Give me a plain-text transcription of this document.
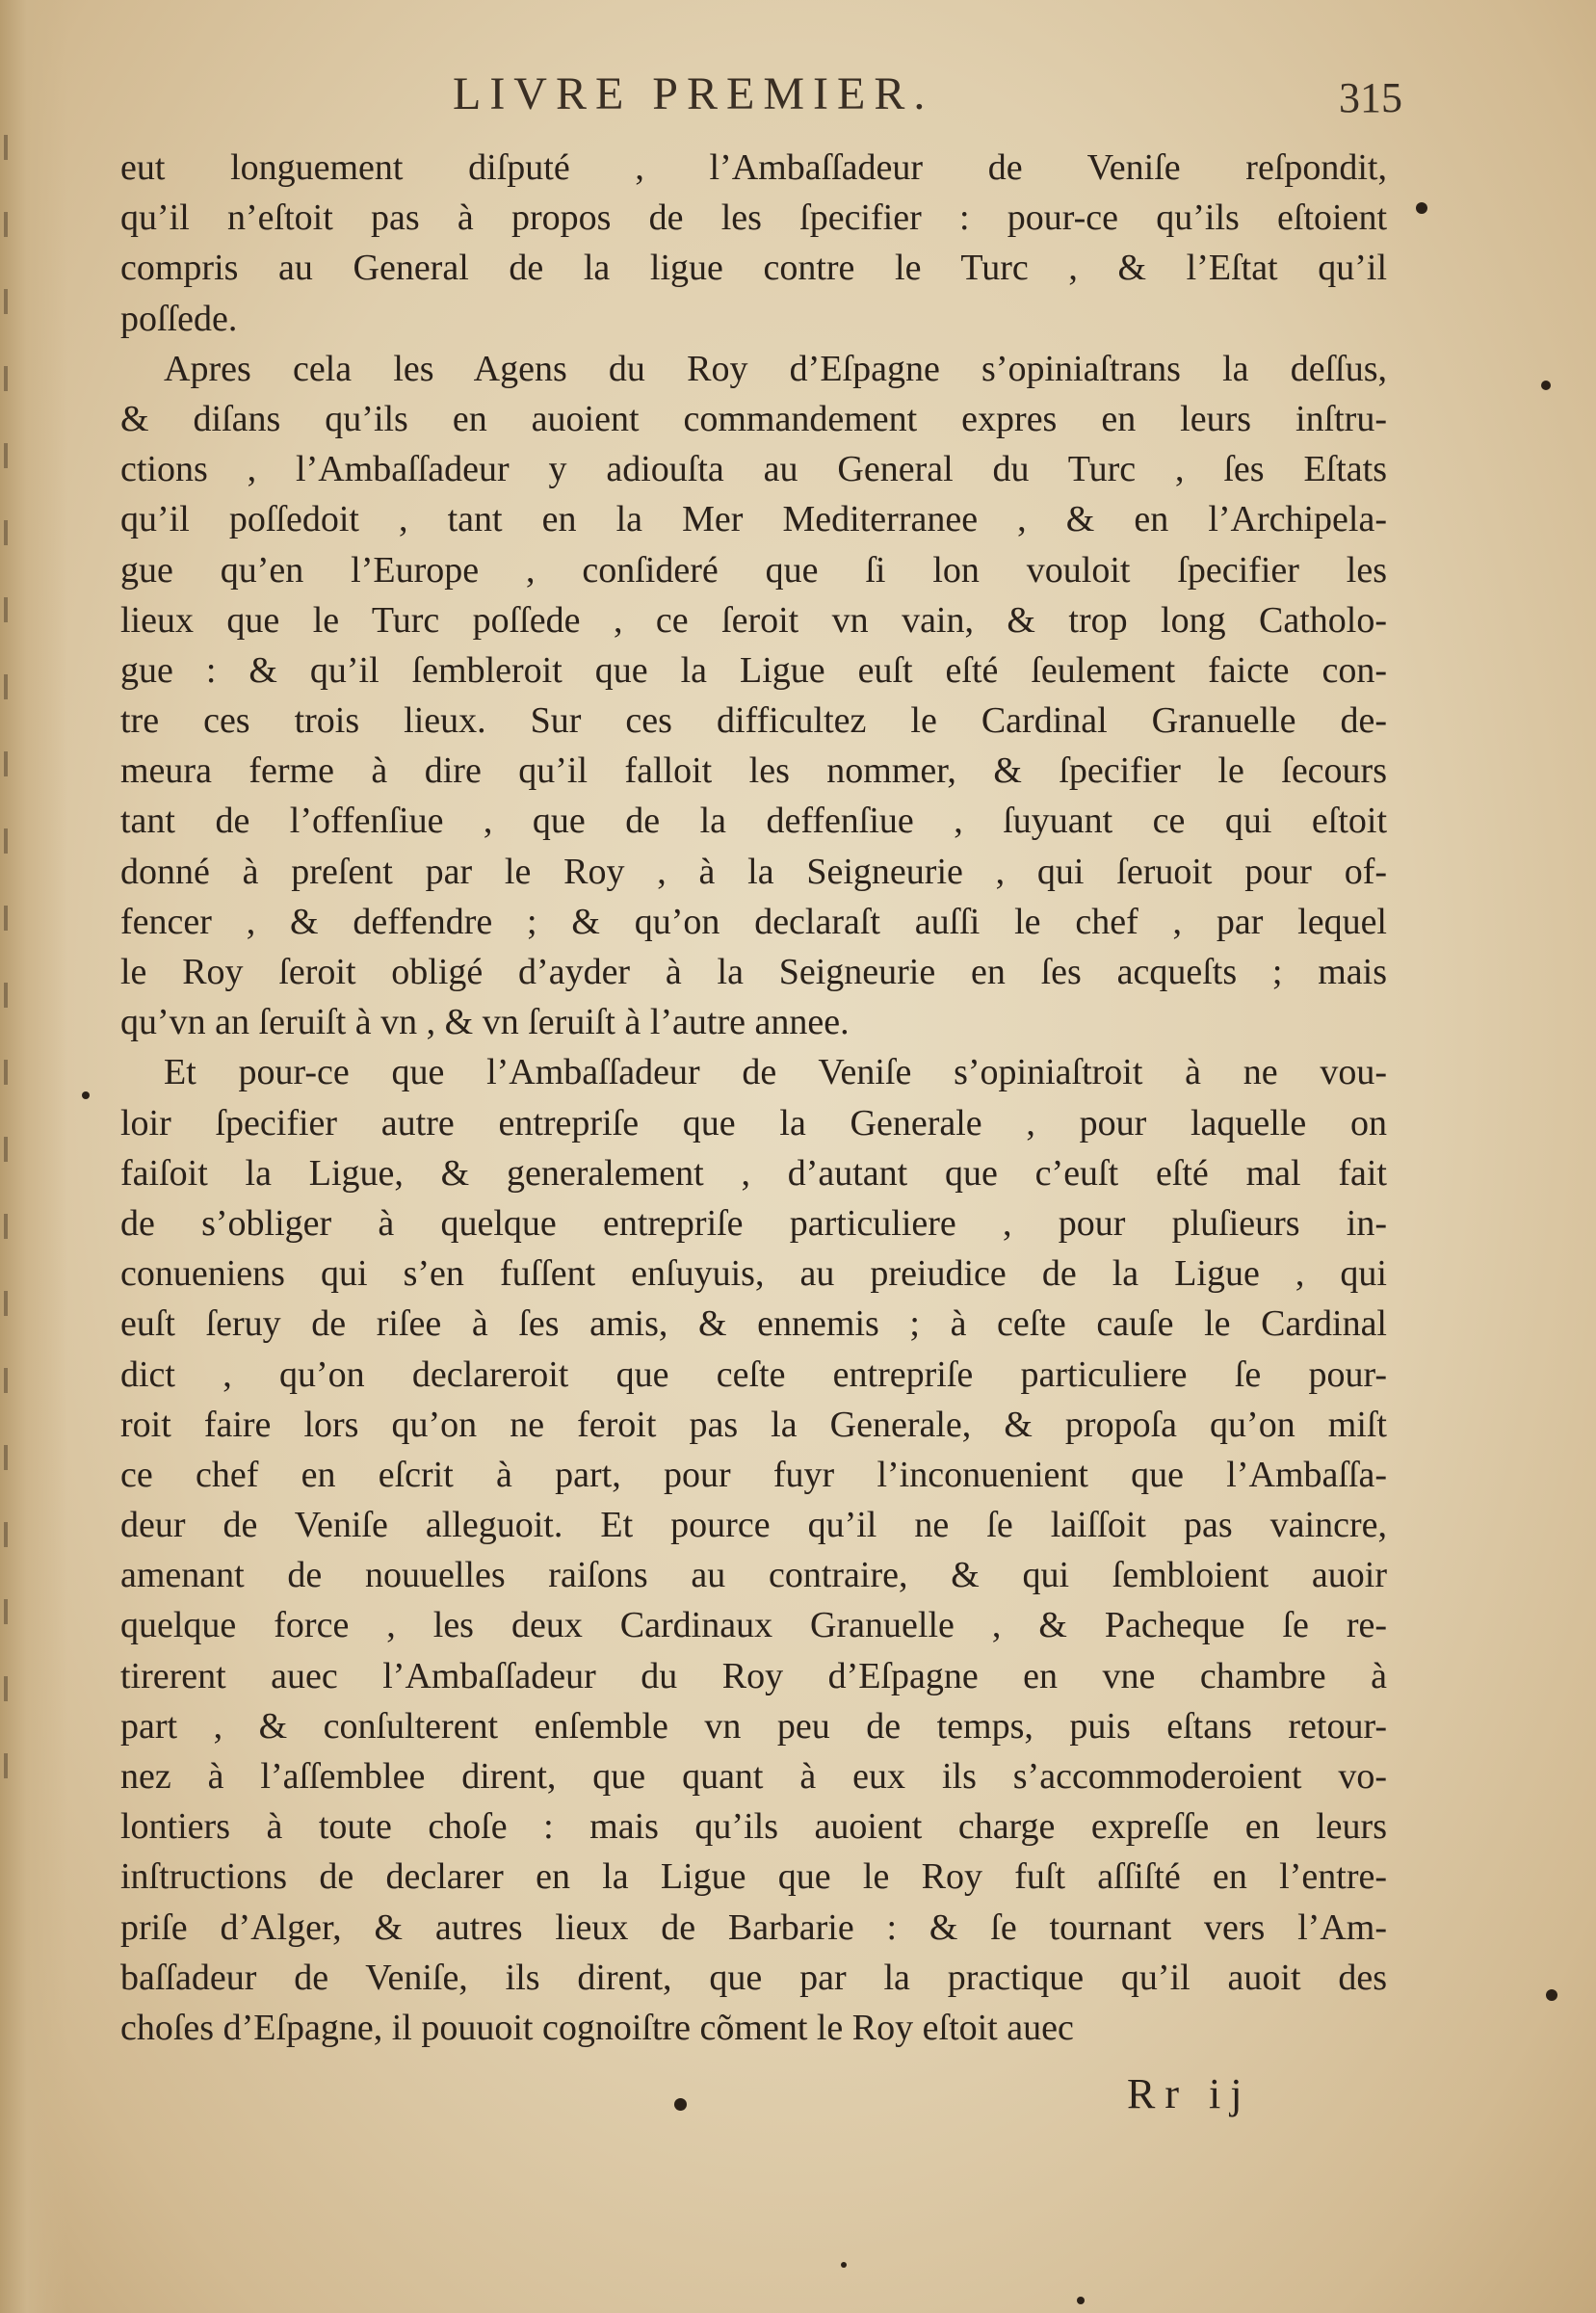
LIVRE PREMIER.	315
eut longuement diſputé , l’Ambaſſadeur de Veniſe reſpondit,
qu’il n’eſtoit pas à propos de les ſpecifier : pour-ce qu’ils eſtoient
compris au General de la ligue contre le Turc , & l’Eſtat qu’il
poſſede.
Apres cela les Agens du Roy d’Eſpagne s’opiniaſtrans la deſſus,
& diſans qu’ils en auoient commandement expres en leurs inſtru-
ctions , l’Ambaſſadeur y adiouſta au General du Turc , ſes Eſtats
qu’il poſſedoit , tant en la Mer Mediterranee , & en l’Archipela-
gue qu’en l’Europe , conſideré que ſi lon vouloit ſpecifier les
lieux que le Turc poſſede , ce ſeroit vn vain, & trop long Catholo-
gue : & qu’il ſembleroit que la Ligue euſt eſté ſeulement faicte con-
tre ces trois lieux. Sur ces difficultez le Cardinal Granuelle de-
meura ferme à dire qu’il falloit les nommer, & ſpecifier le ſecours
tant de l’offenſiue , que de la deffenſiue , ſuyuant ce qui eſtoit
donné à preſent par le Roy , à la Seigneurie , qui ſeruoit pour of-
fencer , & deffendre ; & qu’on declaraſt auſſi le chef , par lequel
le Roy ſeroit obligé d’ayder à la Seigneurie en ſes acqueſts ; mais
qu’vn an ſeruiſt à vn , & vn ſeruiſt à l’autre annee.
Et pour-ce que l’Ambaſſadeur de Veniſe s’opiniaſtroit à ne vou-
loir ſpecifier autre entrepriſe que la Generale , pour laquelle on
faiſoit la Ligue, & generalement , d’autant que c’euſt eſté mal fait
de s’obliger à quelque entrepriſe particuliere , pour pluſieurs in-
conueniens qui s’en fuſſent enſuyuis, au preiudice de la Ligue , qui
euſt ſeruy de riſee à ſes amis, & ennemis ; à ceſte cauſe le Cardinal
dict , qu’on declareroit que ceſte entrepriſe particuliere ſe pour-
roit faire lors qu’on ne feroit pas la Generale, & propoſa qu’on miſt
ce chef en eſcrit à part, pour fuyr l’inconuenient que l’Ambaſſa-
deur de Veniſe alleguoit. Et pource qu’il ne ſe laiſſoit pas vaincre,
amenant de nouuelles raiſons au contraire, & qui ſembloient auoir
quelque force , les deux Cardinaux Granuelle , & Pacheque ſe re-
tirerent auec l’Ambaſſadeur du Roy d’Eſpagne en vne chambre à
part , & conſulterent enſemble vn peu de temps, puis eſtans retour-
nez à l’aſſemblee dirent, que quant à eux ils s’accommoderoient vo-
lontiers à toute choſe : mais qu’ils auoient charge expreſſe en leurs
inſtructions de declarer en la Ligue que le Roy fuſt aſſiſté en l’entre-
priſe d’Alger, & autres lieux de Barbarie : & ſe tournant vers l’Am-
baſſadeur de Veniſe, ils dirent, que par la practique qu’il auoit des
choſes d’Eſpagne, il pouuoit cognoiſtre cõment le Roy eſtoit auec
Rr ij
